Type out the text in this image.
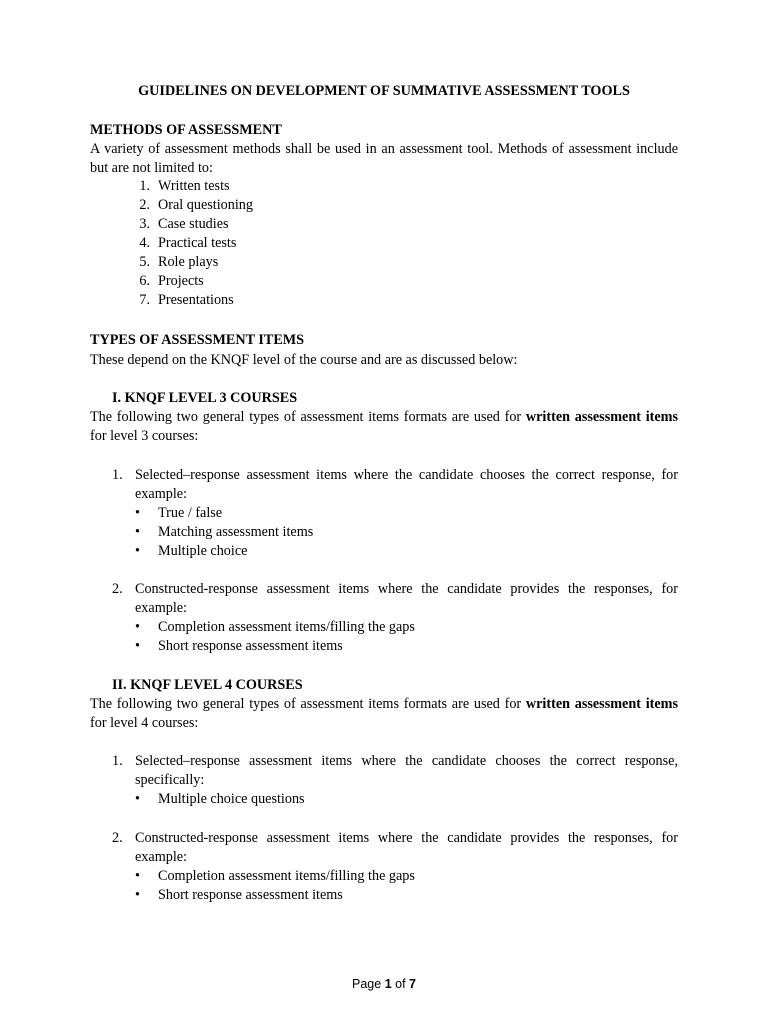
GUIDELINES ON DEVELOPMENT OF SUMMATIVE ASSESSMENT TOOLS
METHODS OF ASSESSMENT
A variety of assessment methods shall be used in an assessment tool. Methods of assessment include but are not limited to:
1. Written tests
2. Oral questioning
3. Case studies
4. Practical tests
5. Role plays
6. Projects
7. Presentations
TYPES OF ASSESSMENT ITEMS
These depend on the KNQF level of the course and are as discussed below:
I. KNQF LEVEL 3 COURSES
The following two general types of assessment items formats are used for written assessment items for level 3 courses:
1. Selected–response assessment items where the candidate chooses the correct response, for example:
• True / false
• Matching assessment items
• Multiple choice
2. Constructed-response assessment items where the candidate provides the responses, for example:
• Completion assessment items/filling the gaps
• Short response assessment items
II. KNQF LEVEL 4 COURSES
The following two general types of assessment items formats are used for written assessment items for level 4 courses:
1. Selected–response assessment items where the candidate chooses the correct response, specifically:
• Multiple choice questions
2. Constructed-response assessment items where the candidate provides the responses, for example:
• Completion assessment items/filling the gaps
• Short response assessment items
Page 1 of 7
